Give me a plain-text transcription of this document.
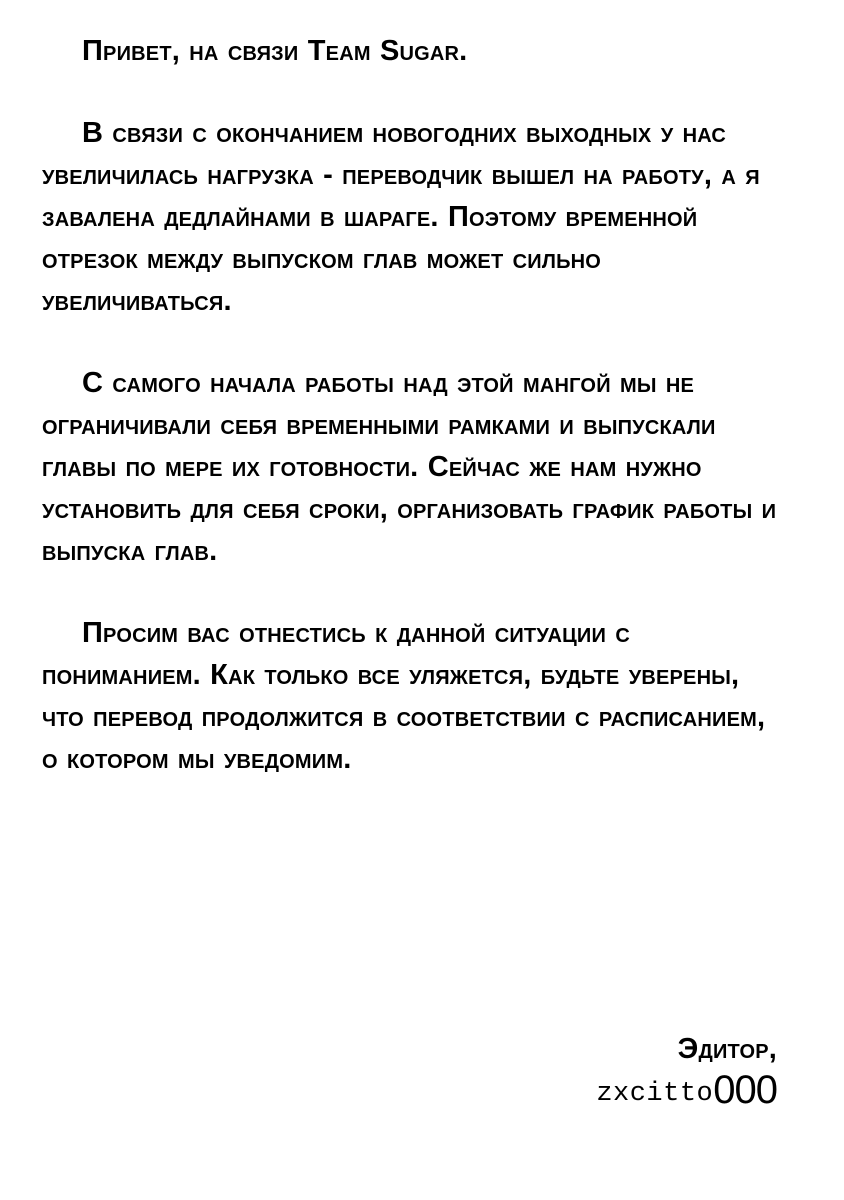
Привет, на связи Team Sugar.

В связи с окончанием новогодних выходных у нас увеличилась нагрузка - переводчик вышел на работу, а я завалена дедлайнами в шараге. Поэтому временной отрезок между выпуском глав может сильно увеличиваться.

С самого начала работы над этой мангой мы не ограничивали себя временными рамками и выпускали главы по мере их готовности. Сейчас же нам нужно установить для себя сроки, организовать график работы и выпуска глав.

Просим вас отнестись к данной ситуации с пониманием. Как только все уляжется, будьте уверены, что перевод продолжится в соответствии с расписанием, о котором мы уведомим.

Эдитор,
zxcitto000
